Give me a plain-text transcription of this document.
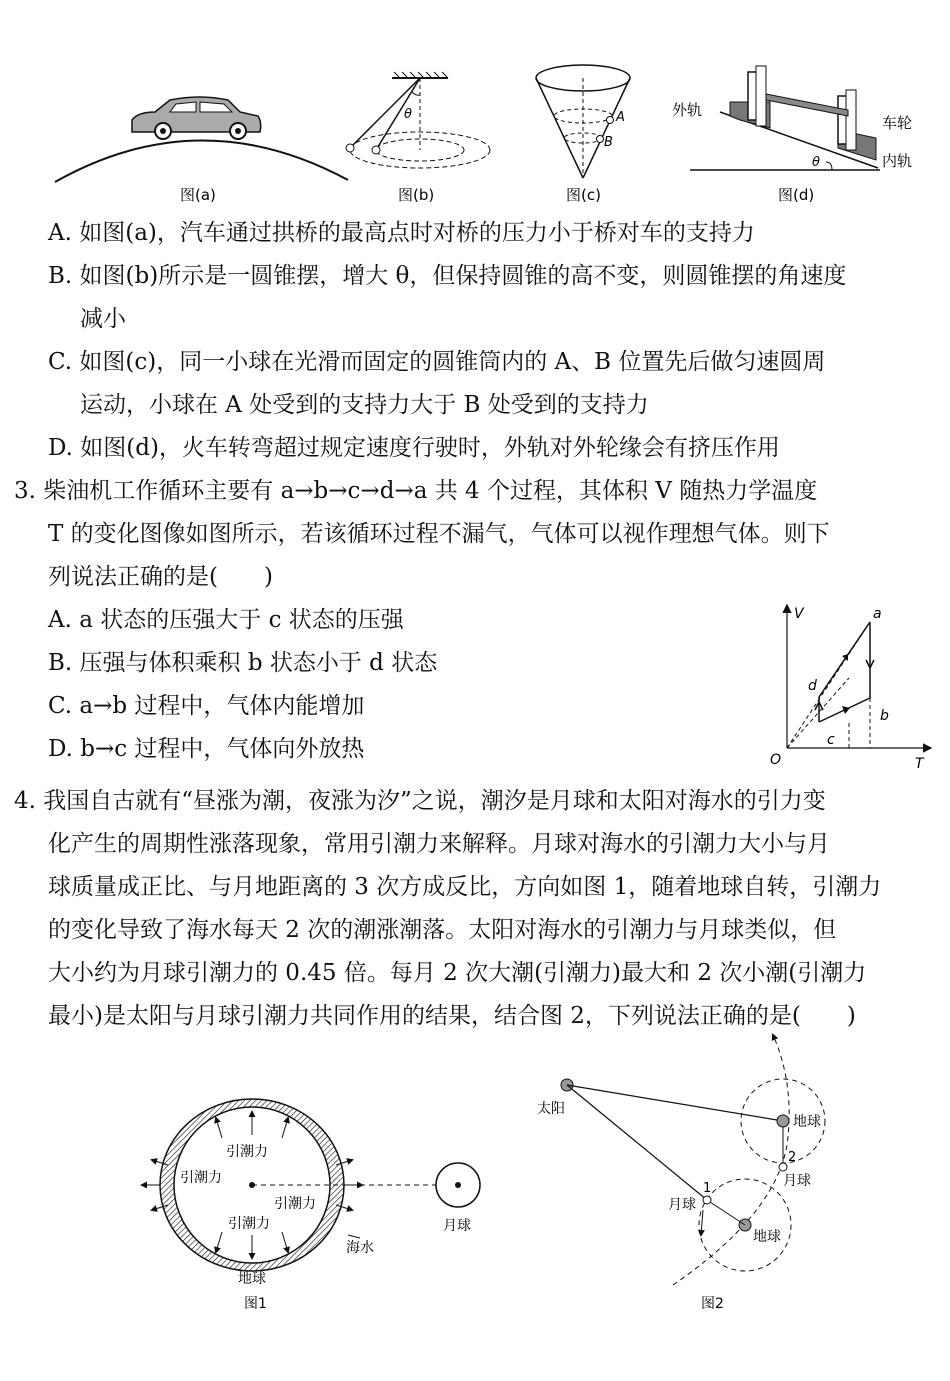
图(a)
θ
图(b)
A
B
图(c)
外轨
车轮
内轨
θ
图(d)
A. 如图(a)，汽车通过拱桥的最高点时对桥的压力小于桥对车的支持力
B. 如图(b)所示是一圆锥摆，增大 θ，但保持圆锥的高不变，则圆锥摆的角速度
减小
C. 如图(c)，同一小球在光滑而固定的圆锥筒内的 A、B 位置先后做匀速圆周
运动，小球在 A 处受到的支持力大于 B 处受到的支持力
D. 如图(d)，火车转弯超过规定速度行驶时，外轨对外轮缘会有挤压作用
3. 柴油机工作循环主要有 a→b→c→d→a 共 4 个过程，其体积 V 随热力学温度
T 的变化图像如图所示，若该循环过程不漏气，气体可以视作理想气体。则下
列说法正确的是(　　)
A. a 状态的压强大于 c 状态的压强
B. 压强与体积乘积 b 状态小于 d 状态
C. a→b 过程中，气体内能增加
D. b→c 过程中，气体向外放热
V
T
O
a
b
c
d
4. 我国自古就有“昼涨为潮，夜涨为汐”之说，潮汐是月球和太阳对海水的引力变
化产生的周期性涨落现象，常用引潮力来解释。月球对海水的引潮力大小与月
球质量成正比、与月地距离的 3 次方成反比，方向如图 1，随着地球自转，引潮力
的变化导致了海水每天 2 次的潮涨潮落。太阳对海水的引潮力与月球类似，但
大小约为月球引潮力的 0.45 倍。每月 2 次大潮(引潮力)最大和 2 次小潮(引潮力
最小)是太阳与月球引潮力共同作用的结果，结合图 2，下列说法正确的是(　　)
引潮力
引潮力
引潮力
引潮力	月球
海水
地球
图1
太阳
地球
月球
2
1
月球
地球
图2
